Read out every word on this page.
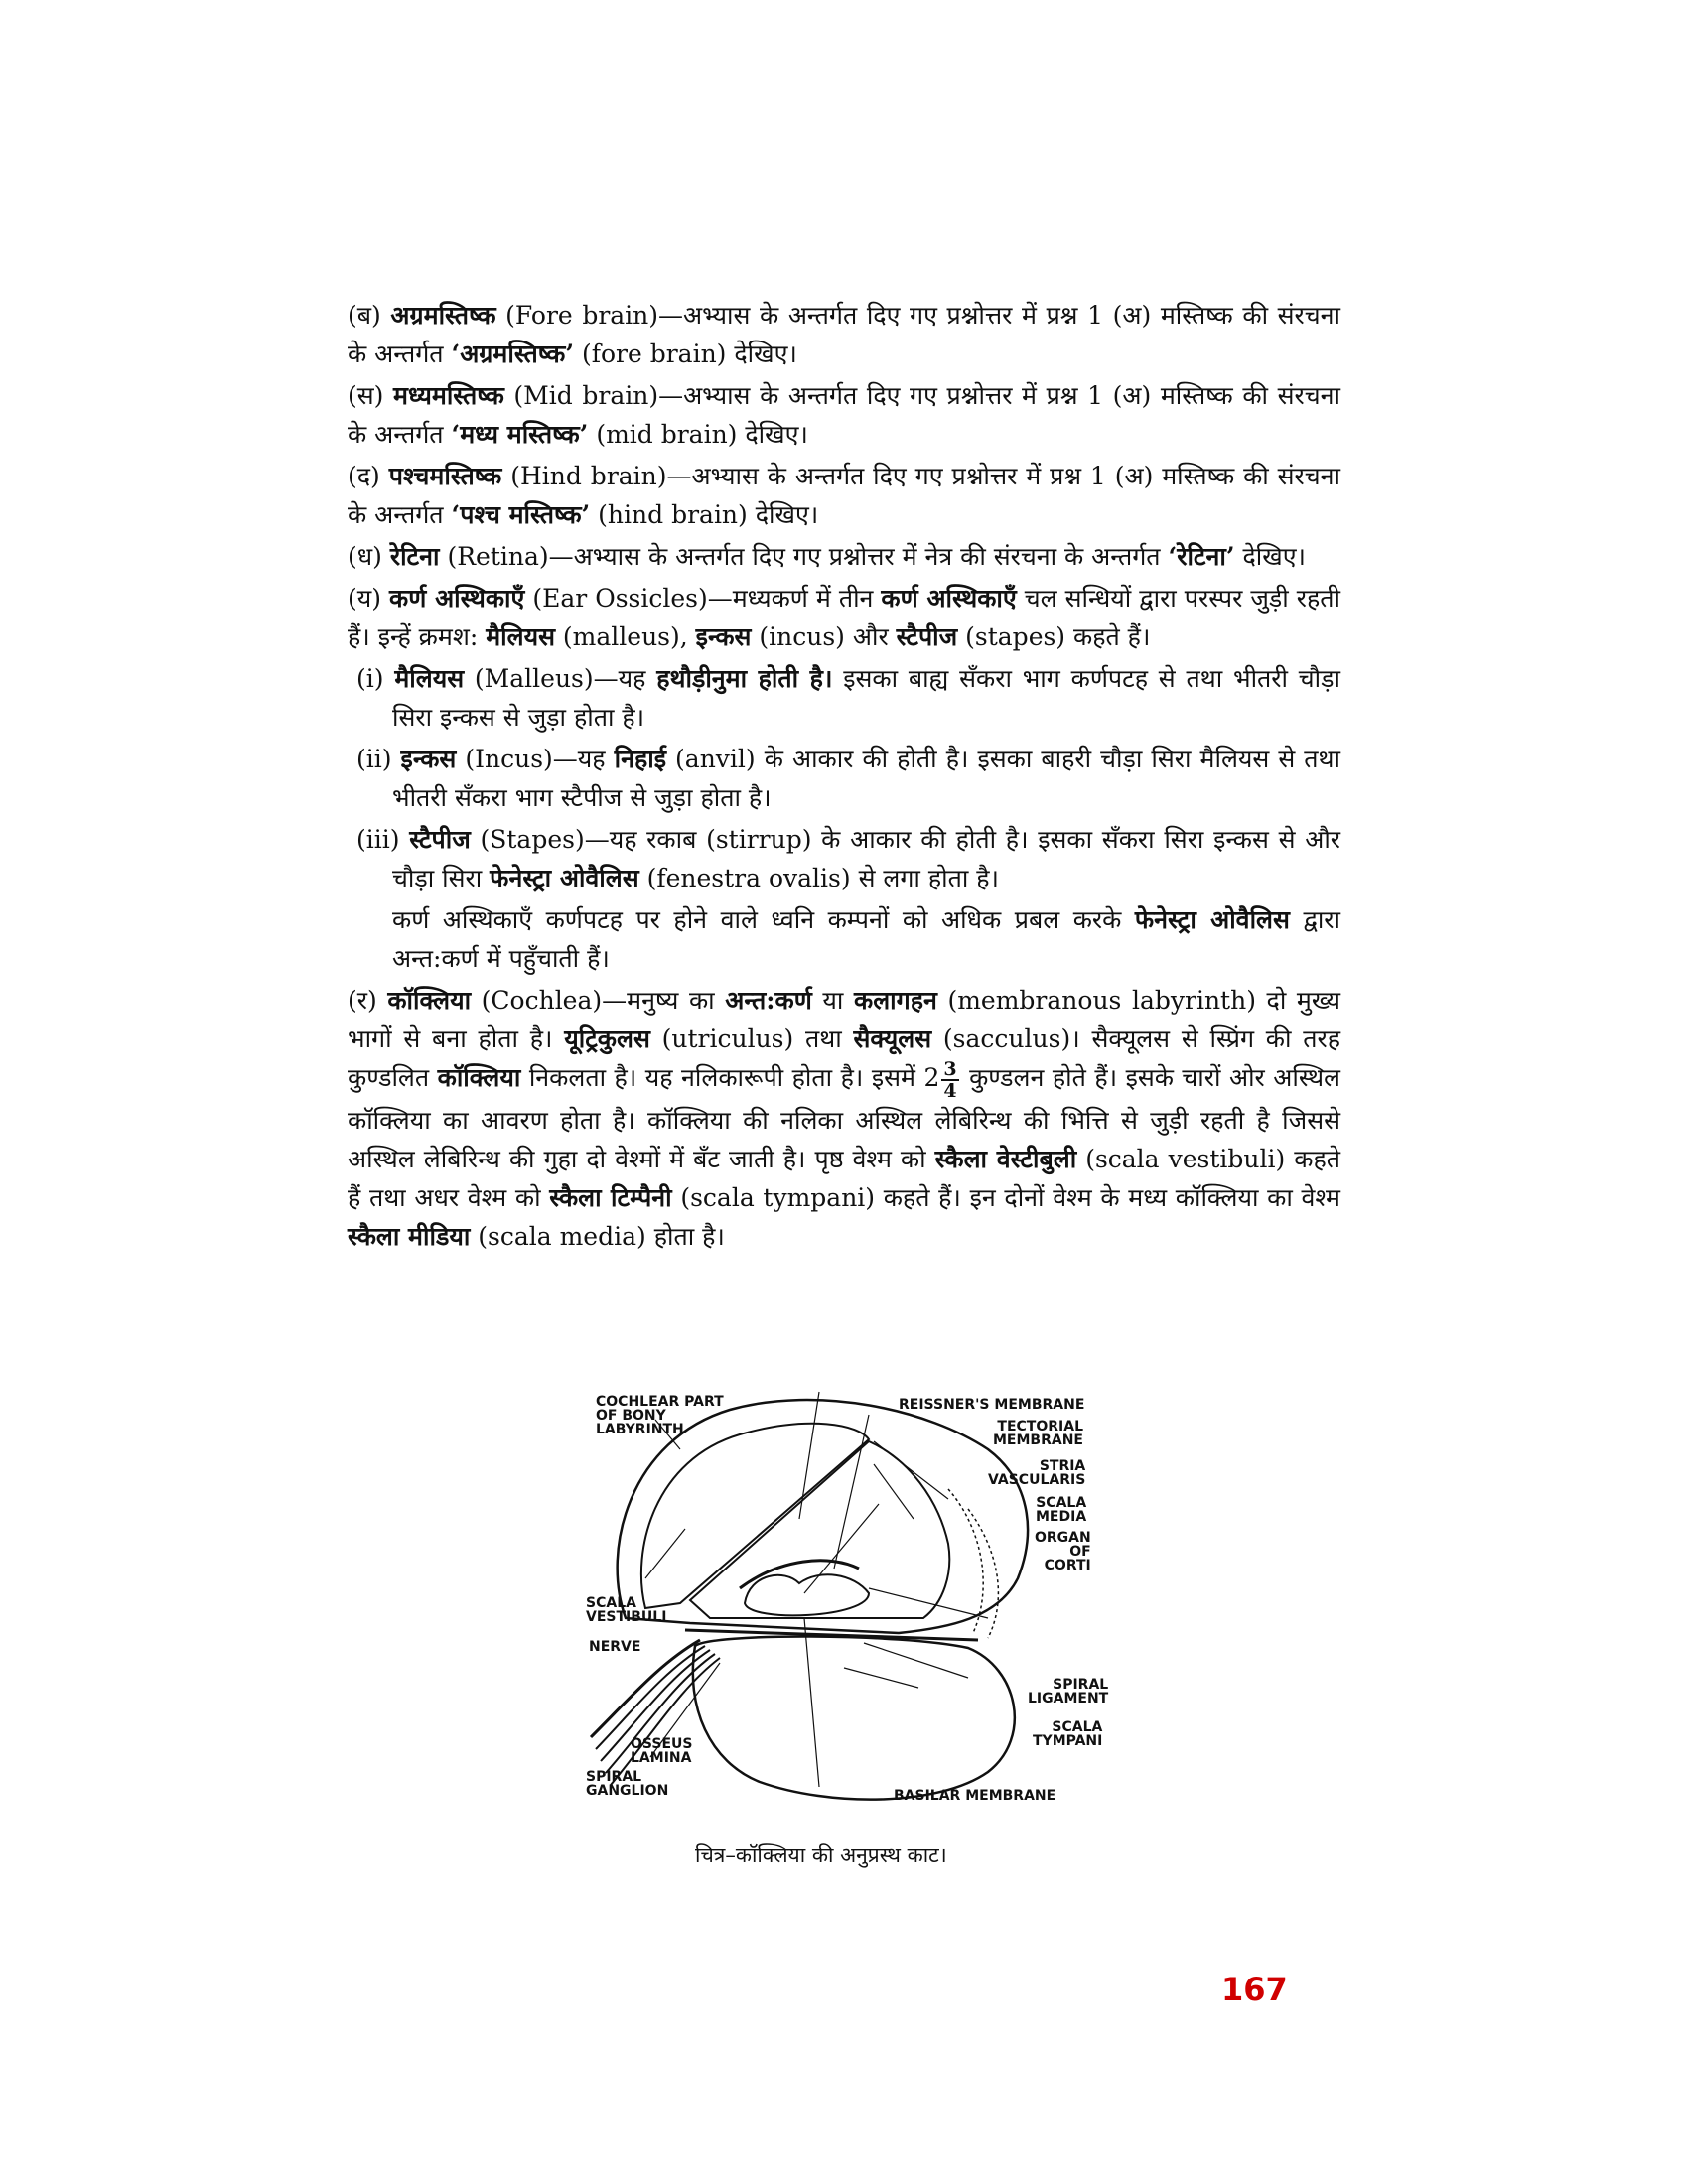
(ब) अग्रमस्तिष्क (Fore brain)—अभ्यास के अन्तर्गत दिए गए प्रश्नोत्तर में प्रश्न 1 (अ) मस्तिष्क की संरचना के अन्तर्गत ‘अग्रमस्तिष्क’ (fore brain) देखिए।

(स) मध्यमस्तिष्क (Mid brain)—अभ्यास के अन्तर्गत दिए गए प्रश्नोत्तर में प्रश्न 1 (अ) मस्तिष्क की संरचना के अन्तर्गत ‘मध्य मस्तिष्क’ (mid brain) देखिए।

(द) पश्चमस्तिष्क (Hind brain)—अभ्यास के अन्तर्गत दिए गए प्रश्नोत्तर में प्रश्न 1 (अ) मस्तिष्क की संरचना के अन्तर्गत ‘पश्च मस्तिष्क’ (hind brain) देखिए।

(ध) रेटिना (Retina)—अभ्यास के अन्तर्गत दिए गए प्रश्नोत्तर में नेत्र की संरचना के अन्तर्गत ‘रेटिना’ देखिए।

(य) कर्ण अस्थिकाएँ (Ear Ossicles)—मध्यकर्ण में तीन कर्ण अस्थिकाएँ चल सन्धियों द्वारा परस्पर जुड़ी रहती हैं। इन्हें क्रमश: मैलियस (malleus), इन्कस (incus) और स्टैपीज (stapes) कहते हैं।

(i) मैलियस (Malleus)—यह हथौड़ीनुमा होती है। इसका बाह्य सँकरा भाग कर्णपटह से तथा भीतरी चौड़ा सिरा इन्कस से जुड़ा होता है।

(ii) इन्कस (Incus)—यह निहाई (anvil) के आकार की होती है। इसका बाहरी चौड़ा सिरा मैलियस से तथा भीतरी सँकरा भाग स्टैपीज से जुड़ा होता है।

(iii) स्टैपीज (Stapes)—यह रकाब (stirrup) के आकार की होती है। इसका सँकरा सिरा इन्कस से और चौड़ा सिरा फेनेस्ट्रा ओवैलिस (fenestra ovalis) से लगा होता है।

कर्ण अस्थिकाएँ कर्णपटह पर होने वाले ध्वनि कम्पनों को अधिक प्रबल करके फेनेस्ट्रा ओवैलिस द्वारा अन्त:कर्ण में पहुँचाती हैं।

(र) कॉक्लिया (Cochlea)—मनुष्य का अन्त:कर्ण या कलागहन (membranous labyrinth) दो मुख्य भागों से बना होता है। यूट्रिकुलस (utriculus) तथा सैक्यूलस (sacculus)। सैक्यूलस से स्प्रिंग की तरह कुण्डलित कॉक्लिया निकलता है। यह नलिकारूपी होता है। इसमें $2 \frac{3}{4}$ कुण्डलन होते हैं। इसके चारों ओर अस्थिल कॉक्लिया का आवरण होता है। कॉक्लिया की नलिका अस्थिल लेबिरिन्थ की भित्ति से जुड़ी रहती है जिससे अस्थिल लेबिरिन्थ की गुहा दो वेश्मों में बँट जाती है। पृष्ठ वेश्म को स्कैला वेस्टीबुली (scala vestibuli) कहते हैं तथा अधर वेश्म को स्कैला टिम्पैनी (scala tympani) कहते हैं। इन दोनों वेश्म के मध्य कॉक्लिया का वेश्म स्कैला मीडिया (scala media) होता है।

COCHLEAR PART
OF BONY
LABYRINTH
REISSNER'S MEMBRANE
TECTORIAL
MEMBRANE
STRIA
VASCULARIS
SCALA
MEDIA
ORGAN
OF
CORTI
SCALA
VESTIBULI
NERVE
SPIRAL
LIGAMENT
SCALA
TYMPANI
OSSEUS
LAMINA
SPIRAL
GANGLION	BASILAR MEMBRANE
चित्र–कॉक्लिया की अनुप्रस्थ काट।
167
